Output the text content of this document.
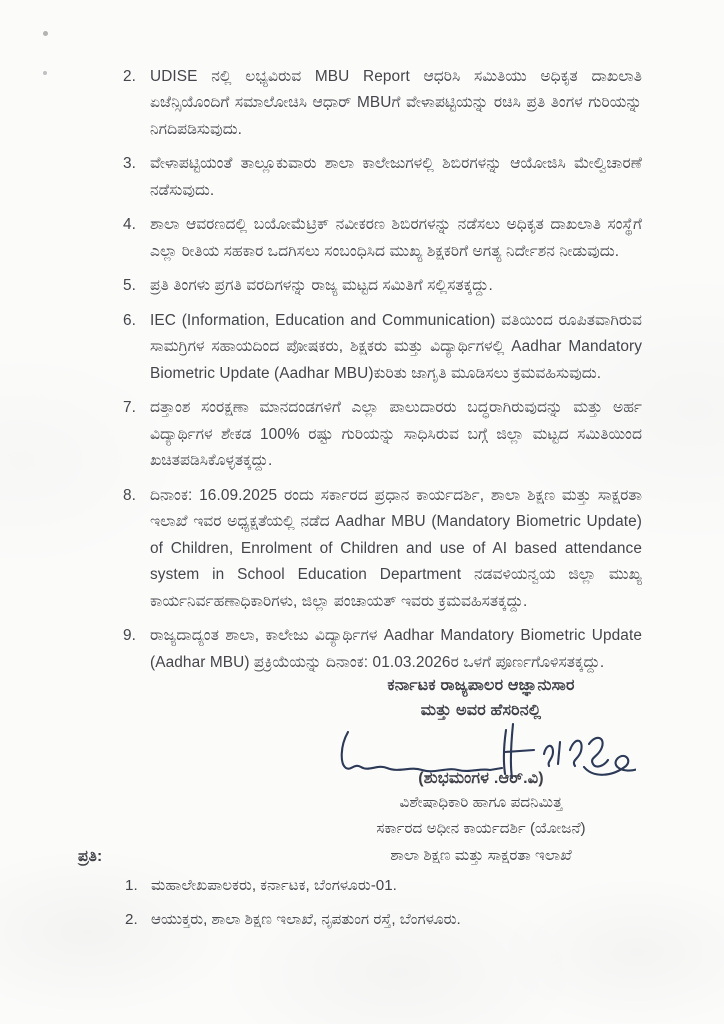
2. UDISE ನಲ್ಲಿ ಲಭ್ಯವಿರುವ MBU Report ಆಧರಿಸಿ ಸಮಿತಿಯು ಅಧಿಕೃತ ದಾಖಲಾತಿ ಏಜೆನ್ಸಿಯೊಂದಿಗೆ ಸಮಾಲೋಚಿಸಿ ಆಧಾರ್ MBUಗೆ ವೇಳಾಪಟ್ಟಿಯನ್ನು ರಚಿಸಿ ಪ್ರತಿ ತಿಂಗಳ ಗುರಿಯನ್ನು ನಿಗದಿಪಡಿಸುವುದು.
3. ವೇಳಾಪಟ್ಟಿಯಂತೆ ತಾಲ್ಲೂಕುವಾರು ಶಾಲಾ ಕಾಲೇಜುಗಳಲ್ಲಿ ಶಿಬಿರಗಳನ್ನು ಆಯೋಜಿಸಿ ಮೇಲ್ವಿಚಾರಣೆ ನಡೆಸುವುದು.
4. ಶಾಲಾ ಆವರಣದಲ್ಲಿ ಬಯೋಮೆಟ್ರಿಕ್ ನವೀಕರಣ ಶಿಬಿರಗಳನ್ನು ನಡೆಸಲು ಅಧಿಕೃತ ದಾಖಲಾತಿ ಸಂಸ್ಥೆಗೆ ಎಲ್ಲಾ ರೀತಿಯ ಸಹಕಾರ ಒದಗಿಸಲು ಸಂಬಂಧಿಸಿದ ಮುಖ್ಯ ಶಿಕ್ಷಕರಿಗೆ ಅಗತ್ಯ ನಿರ್ದೇಶನ ನೀಡುವುದು.
5. ಪ್ರತಿ ತಿಂಗಳು ಪ್ರಗತಿ ವರದಿಗಳನ್ನು ರಾಜ್ಯ ಮಟ್ಟದ ಸಮಿತಿಗೆ ಸಲ್ಲಿಸತಕ್ಕದ್ದು.
6. IEC (Information, Education and Communication) ವತಿಯಿಂದ ರೂಪಿತವಾಗಿರುವ ಸಾಮಗ್ರಿಗಳ ಸಹಾಯದಿಂದ ಪೋಷಕರು, ಶಿಕ್ಷಕರು ಮತ್ತು ವಿದ್ಯಾರ್ಥಿಗಳಲ್ಲಿ Aadhar Mandatory Biometric Update (Aadhar MBU)ಕುರಿತು ಜಾಗೃತಿ ಮೂಡಿಸಲು ಕ್ರಮವಹಿಸುವುದು.
7. ದತ್ತಾಂಶ ಸಂರಕ್ಷಣಾ ಮಾನದಂಡಗಳಿಗೆ ಎಲ್ಲಾ ಪಾಲುದಾರರು ಬದ್ಧರಾಗಿರುವುದನ್ನು ಮತ್ತು ಅರ್ಹ ವಿದ್ಯಾರ್ಥಿಗಳ ಶೇಕಡ 100% ರಷ್ಟು ಗುರಿಯನ್ನು ಸಾಧಿಸಿರುವ ಬಗ್ಗೆ ಜಿಲ್ಲಾ ಮಟ್ಟದ ಸಮಿತಿಯಿಂದ ಖಚಿತಪಡಿಸಿಕೊಳ್ಳತಕ್ಕದ್ದು.
8. ದಿನಾಂಕ: 16.09.2025 ರಂದು ಸರ್ಕಾರದ ಪ್ರಧಾನ ಕಾರ್ಯದರ್ಶಿ, ಶಾಲಾ ಶಿಕ್ಷಣ ಮತ್ತು ಸಾಕ್ಷರತಾ ಇಲಾಖೆ ಇವರ ಅಧ್ಯಕ್ಷತೆಯಲ್ಲಿ ನಡೆದ Aadhar MBU (Mandatory Biometric Update) of Children, Enrolment of Children and use of AI based attendance system in School Education Department ನಡವಳಿಯನ್ವಯ ಜಿಲ್ಲಾ ಮುಖ್ಯ ಕಾರ್ಯನಿರ್ವಹಣಾಧಿಕಾರಿಗಳು, ಜಿಲ್ಲಾ ಪಂಚಾಯತ್ ಇವರು ಕ್ರಮವಹಿಸತಕ್ಕದ್ದು.
9. ರಾಜ್ಯದಾದ್ಯಂತ ಶಾಲಾ, ಕಾಲೇಜು ವಿದ್ಯಾರ್ಥಿಗಳ Aadhar Mandatory Biometric Update (Aadhar MBU) ಪ್ರಕ್ರಿಯೆಯನ್ನು ದಿನಾಂಕ: 01.03.2026ರ ಒಳಗೆ ಪೂರ್ಣಗೊಳಿಸತಕ್ಕದ್ದು.
ಕರ್ನಾಟಕ ರಾಜ್ಯಪಾಲರ ಆಜ್ಞಾನುಸಾರ
ಮತ್ತು ಅವರ ಹೆಸರಿನಲ್ಲಿ
(ಶುಭಮಂಗಳ .ಆರ್.ವಿ)
ವಿಶೇಷಾಧಿಕಾರಿ ಹಾಗೂ ಪದನಿಮಿತ್ತ
ಸರ್ಕಾರದ ಅಧೀನ ಕಾರ್ಯದರ್ಶಿ (ಯೋಜನೆ)
ಶಾಲಾ ಶಿಕ್ಷಣ ಮತ್ತು ಸಾಕ್ಷರತಾ ಇಲಾಖೆ
ಪ್ರತಿ:
1. ಮಹಾಲೇಖಪಾಲಕರು, ಕರ್ನಾಟಕ, ಬೆಂಗಳೂರು-01.
2. ಆಯುಕ್ತರು, ಶಾಲಾ ಶಿಕ್ಷಣ ಇಲಾಖೆ, ನೃಪತುಂಗ ರಸ್ತೆ, ಬೆಂಗಳೂರು.
